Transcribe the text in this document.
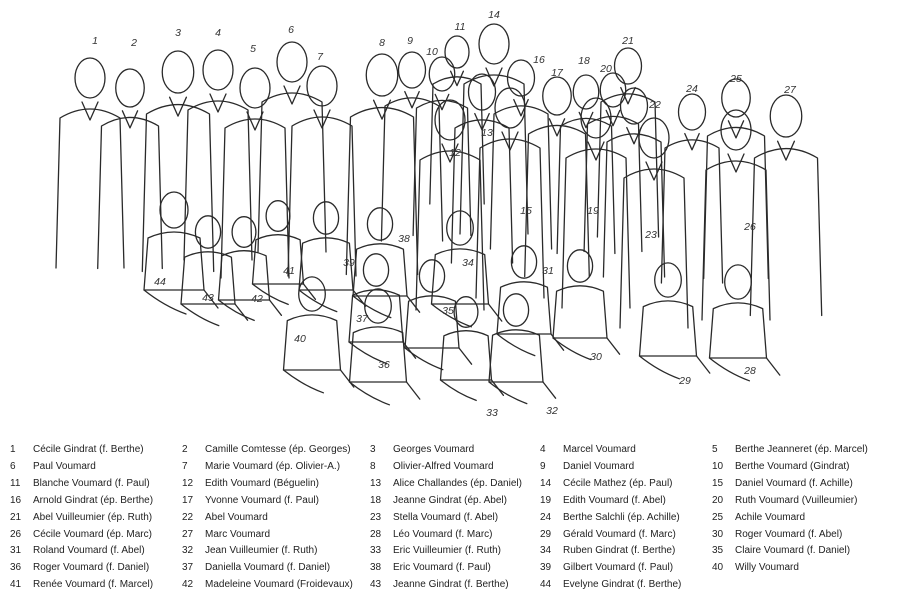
1	2
3	4
5
6
7
8 9
10
11
12
13
14
15
16
17
18
19
20
21
22
23
24
25
26
27
28
29
30
31
32
33
34
35
36
37
38
39
40
41
42
43
44
1	Cécile Gindrat (f. Berthe)	2	Camille Comtesse (ép. Georges) 3	Georges Voumard	4	Marcel Voumard	5	Berthe Jeanneret (ép. Marcel)
6	Paul Voumard	7	Marie Voumard (ép. Olivier-A.)	8	Olivier-Alfred Voumard	9	Daniel Voumard	10	Berthe Voumard (Gindrat)
11	Blanche Voumard (f. Paul)	12	Edith Voumard (Béguelin)	13	Alice Challandes (ép. Daniel) 14	Cécile Mathez (ép. Paul)	15	Daniel Voumard (f. Achille)
16	Arnold Gindrat (ép. Berthe)	17	Yvonne Voumard (f. Paul)	18	Jeanne Gindrat (ép. Abel)	19	Edith Voumard (f. Abel)	20	Ruth Voumard (Vuilleumier)
21	Abel Vuilleumier (ép. Ruth)	22	Abel Voumard	23	Stella Voumard (f. Abel)	24	Berthe Salchli (ép. Achille)	25	Achile Voumard
26	Cécile Voumard (ép. Marc)	27	Marc Voumard	28	Léo Voumard (f. Marc)	29	Gérald Voumard (f. Marc)	30	Roger Voumard (f. Abel)
31	Roland Voumard (f. Abel)	32	Jean Vuilleumier (f. Ruth)	33	Eric Vuilleumier (f. Ruth)	34	Ruben Gindrat (f. Berthe)	35	Claire Voumard (f. Daniel)
36	Roger Voumard (f. Daniel)	37	Daniella Voumard (f. Daniel)	38	Eric Voumard (f. Paul)	39	Gilbert Voumard (f. Paul)	40	Willy Voumard
41	Renée Voumard (f. Marcel)	42	Madeleine Voumard (Froidevaux) 43	Jeanne Gindrat (f. Berthe)	44	Evelyne Gindrat (f. Berthe)
